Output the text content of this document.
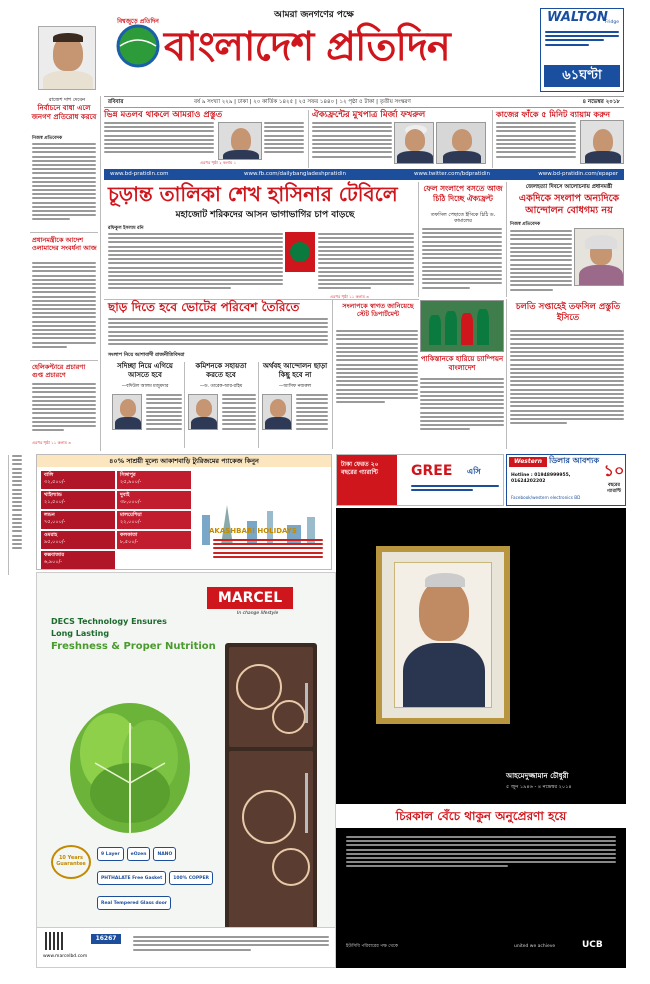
আমরা জনগণের পক্ষে
বিশ্বজুড়ে প্রতিদিন
বাংলাদেশ প্রতিদিন
WALTON
Fridge
৬১ঘণ্টা
রবিবার	বর্ষ ৯ সংখ্যা ২২৯ | ঢাকা | ২০ কার্তিক ১৪২৫ | ২৫ সফর ১৪৪০ | ১২ পৃষ্ঠা ৫ টাকা | তৃতীয় সংস্করণ	৪ নভেম্বর ২০১৮
রাজেশ দাশ দেবেন
নির্বাচনে বাধা এলে জনগণ প্রতিরোধ করবে
নিজস্ব প্রতিবেদক
প্রধানমন্ত্রীকে আদেশ ওলামাদের সংবর্ধনা আজ
হেলিকপ্টারে প্রচারণা গুপ্ত প্রচারণে
এরপর পৃষ্ঠা ১১ কলাম ৩
ভিন্ন মতলব থাকলে আমরাও প্রস্তুত
এরপর পৃষ্ঠা ২ কলাম ১
ঐক্যফ্রন্টের মুখপাত্র মির্জা ফখরুল	কাজের ফাঁকে ৫ মিনিট ব্যায়াম করুন
www.bd-pratidin.com	www.fb.com/dailybangladeshpratidin	www.twitter.com/bdpratidin	www.bd-pratidin.com/epaper
চূড়ান্ত তালিকা শেখ হাসিনার টেবিলে
মহাজোট শরিকদের আসন ভাগাভাগির চাপ বাড়ছে
রফিকুল ইসলাম রনি
এরপর পৃষ্ঠা ১১ কলাম ৩
ফেল সংলাপে বসতে আজ চিঠি দিচ্ছে ঐক্যফ্রন্ট
তফসিল পেছাতে ইসিকে চিঠি ড. কামালের
জেলহত্যা দিবসে আলোচনায় প্রধানমন্ত্রী
একদিকে সংলাপ অন্যদিকে আন্দোলন বোধগম্য নয়
নিজস্ব প্রতিবেদক
ছাড় দিতে হবে ভোটের পরিবেশ তৈরিতে
সংলাপ নিয়ে আশাবাদী রাজনীতিবিদরা
সদিচ্ছা নিয়ে এগিয়ে আসতে হবে
—বদিউল আলম মজুমদার
কমিশনকে সহায়তা করতে হবে
—ড. তারেক-আর-রহিম
অর্থবহ আন্দোলন ছাড়া কিছু হবে না
—আসিফ নজরুল
সংলাপকে স্বাগত জানিয়েছে স্টেট ডিপার্টমেন্ট
পাকিস্তানকে হারিয়ে চ্যাম্পিয়ন বাংলাদেশ
চলতি সপ্তাহেই তফসিল প্রস্তুতি ইসিতে
৪০% সাশ্রয়ী মূল্যে আকাশবাড়ি ট্যুরিজমের প্যাকেজ কিনুন
বালি
৩২,৫০০/-
সিঙ্গাপুর
২৫,৯০০/-
থাইল্যান্ড
২১,৫০০/-
দুবাই
৩৮,০০০/-
লন্ডন
৭৫,০০০/-
মালয়েশিয়া
২২,০০০/-
ওমরাহ
৯৫,০০০/-
কলকাতা
৮,৫০০/-
কক্সবাজার
৬,৯০০/-
AKASHBARI HOLIDAYS
টাকা ফেরত ২০ বছরের গ্যারান্টি	GREE এসি
Western ডিলার আবশ্যক
Hotline : 01948999955, 01624202202
Facebook/western electronics BD
১০
বছরের গ্যারান্টি
MARCEL
In change lifestyle
DECS Technology Ensures
Long Lasting
Freshness & Proper Nutrition
10 Years Guarantee
9 Layer	eOzen	NANO
PHTHALATE Free Gasket	100% COPPER
Real Tempered Glass door
16267
www.marcelbd.com
আহমেদুজ্জামান চৌধুরী
৫ জুন ১৯৪৬ - ৪ নভেম্বর ২০১৪
চিরকাল বেঁচে থাকুন অনুপ্রেরণা হয়ে
ইউসিবি পরিবারের পক্ষ থেকে	united we achieve	UCB
